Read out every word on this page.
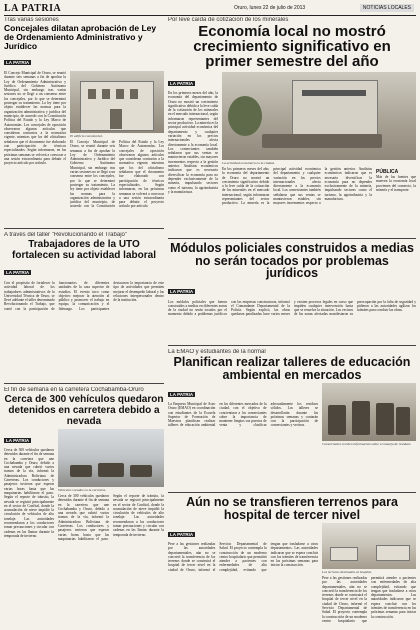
LA PATRIA	Oruro, lunes 22 de julio de 2013	NOTICIAS LOCALES
Tras varias sesiones
Concejales dilatan aprobación de Ley de Ordenamiento Administrativo y Jurídico
LA PATRIA
El Concejo Municipal de Oruro, se reunió durante seis semanas a fin de aprobar la Ley de Ordenamiento Administrativo y Jurídico del Gobierno Autónomo Municipal, sin embargo tras varias sesiones no se llegó a un consenso entre los concejales, por lo que se determinó postergar su tratamiento. La ley tiene por objeto establecer las normas para la organización administrativa y jurídica del municipio, de acuerdo con la Constitución Política del Estado y la Ley Marco de Autonomías. Los concejales de oposición observaron algunos artículos que consideran contrarios a la normativa vigente, mientras que los del oficialismo señalaron que el documento fue elaborado con participación de técnicos especializados. Según informaron, en las próximas semanas se volverá a convocar a una sesión extraordinaria para debatir el proyecto artículo por artículo.
El edificio consistorial.
El Concejo Municipal de Oruro, se reunió durante seis semanas a fin de aprobar la Ley de Ordenamiento Administrativo y Jurídico del Gobierno Autónomo Municipal, sin embargo tras varias sesiones no se llegó a un consenso entre los concejales, por lo que se determinó postergar su tratamiento. La ley tiene por objeto establecer las normas para la organización administrativa y jurídica del municipio, de acuerdo con la Constitución Política del Estado y la Ley Marco de Autonomías. Los concejales de oposición observaron algunos artículos que consideran contrarios a la normativa vigente, mientras que los del oficialismo señalaron que el documento fue elaborado con participación de técnicos especializados. Según informaron, en las próximas semanas se volverá a convocar a una sesión extraordinaria para debatir el proyecto artículo por artículo.
A través del taller "Revolucionando el Trabajo"
Trabajadores de la UTO fortalecen su actividad laboral
LA PATRIA
Con el propósito de fortalecer la actividad laboral de los trabajadores administrativos de la Universidad Técnica de Oruro, se llevó adelante el taller denominado Revolucionando el Trabajo, que contó con la participación de funcionarios de diferentes unidades de la casa superior de estudios. El evento tuvo como objetivo mejorar la atención al público y promover el trabajo en equipo, la comunicación y el liderazgo. Los participantes destacaron la importancia de este tipo de actividades que permiten mejorar el desempeño laboral y las relaciones interpersonales dentro de la institución.
El fin de semana en la carretera Cochabamba-Oruro
Cerca de 300 vehículos quedaron detenidos en carretera debido a nevada
LA PATRIA
Cerca de 300 vehículos quedaron detenidos durante el fin de semana en la carretera que une Cochabamba y Oruro, debido a una nevada que cubrió varios tramos de la vía, informó la Administradora Boliviana de Carreteras. Los conductores y pasajeros tuvieron que esperar varias horas hasta que las maquinarias habilitaron el paso. Según el reporte de tránsito, la nevada se registró principalmente en el sector de Confital, donde la acumulación de nieve impidió la circulación de vehículos de alto tonelaje. Las autoridades recomendaron a los conductores tomar precauciones y circular con cadenas en las llantas durante la temporada de invierno.
Vehículos varados en la carretera.
Cerca de 300 vehículos quedaron detenidos durante el fin de semana en la carretera que une Cochabamba y Oruro, debido a una nevada que cubrió varios tramos de la vía, informó la Administradora Boliviana de Carreteras. Los conductores y pasajeros tuvieron que esperar varias horas hasta que las maquinarias habilitaron el paso. Según el reporte de tránsito, la nevada se registró principalmente en el sector de Confital, donde la acumulación de nieve impidió la circulación de vehículos de alto tonelaje. Las autoridades recomendaron a los conductores tomar precauciones y circular con cadenas en las llantas durante la temporada de invierno.
Por leve caída de cotización de los minerales
Economía local no mostró crecimiento significativo en primer semestre del año
LA PATRIA
En los primeros meses del año, la economía del departamento de Oruro no mostró un crecimiento significativo debido a la leve caída de la cotización de los minerales en el mercado internacional, según informaron representantes del sector productivo. La minería es la principal actividad económica del departamento y cualquier variación en los precios internacionales afecta directamente a la economía local. Los comerciantes también señalaron que sus ventas se mantuvieron estables, sin mayores incrementos respecto a la gestión anterior. Analistas económicos indicaron que es necesario diversificar la economía para no depender exclusivamente de la minería, impulsando sectores como el turismo, la agroindustria y la manufactura.
La actividad económica en la ciudad.
En los primeros meses del año, la economía del departamento de Oruro no mostró un crecimiento significativo debido a la leve caída de la cotización de los minerales en el mercado internacional, según informaron representantes del sector productivo. La minería es la principal actividad económica del departamento y cualquier variación en los precios internacionales afecta directamente a la economía local. Los comerciantes también señalaron que sus ventas se mantuvieron estables, sin mayores incrementos respecto a la gestión anterior. Analistas económicos indicaron que es necesario diversificar la economía para no depender exclusivamente de la minería, impulsando sectores como el turismo, la agroindustria y la manufactura.
PÚBLICA
Más de las fuentes que mueven la economía local provienen del comercio, la minería y el transporte.
Módulos policiales construidos a medias no serán tocados por problemas jurídicos
LA PATRIA
Los módulos policiales que fueron construidos a medias en diferentes zonas de la ciudad no serán tocados por el momento debido a problemas jurídicos con las empresas constructoras, informó el Comandante Departamental de la Policía. Según explicó, las obras quedaron paralizadas hace varios meses y existen procesos legales en curso que impiden cualquier intervención hasta que se resuelva la situación. Los vecinos de las zonas afectadas manifestaron su preocupación por la falta de seguridad y pidieron a las autoridades agilizar los trámites para concluir las obras.
La EMAO y estudiantes de la normal
Planifican realizar talleres de educación ambiental en mercados
LA PATRIA
La Empresa Municipal de Aseo Oruro (EMAO) en coordinación con estudiantes de la Escuela Superior de Formación de Maestros planifican realizar talleres de educación ambiental en los diferentes mercados de la ciudad, con el objetivo de concientizar a los comerciantes sobre la importancia de mantener limpios sus puestos de venta y clasificar adecuadamente los residuos sólidos. Los talleres se desarrollarán durante las próximas semanas y contarán con la participación de comerciantes y vecinos.
Comerciantes reciben información sobre el manejo de residuos.
Aún no se transfieren terrenos para hospital de tercer nivel
LA PATRIA
Pese a las gestiones realizadas por las autoridades departamentales, aún no se concretó la transferencia de los terrenos donde se construirá el hospital de tercer nivel en la ciudad de Oruro, informó el Servicio Departamental de Salud. El proyecto contempla la construcción de un moderno centro hospitalario que permitirá atender a pacientes con enfermedades de alta complejidad, evitando que tengan que trasladarse a otros departamentos. Las autoridades indicaron que se espera concluir con los trámites de transferencia en las próximas semanas para iniciar la construcción.
Los terrenos destinados al hospital.
Pese a las gestiones realizadas por las autoridades departamentales, aún no se concretó la transferencia de los terrenos donde se construirá el hospital de tercer nivel en la ciudad de Oruro, informó el Servicio Departamental de Salud. El proyecto contempla la construcción de un moderno centro hospitalario que permitirá atender a pacientes con enfermedades de alta complejidad, evitando que tengan que trasladarse a otros departamentos. Las autoridades indicaron que se espera concluir con los trámites de transferencia en las próximas semanas para iniciar la construcción.
